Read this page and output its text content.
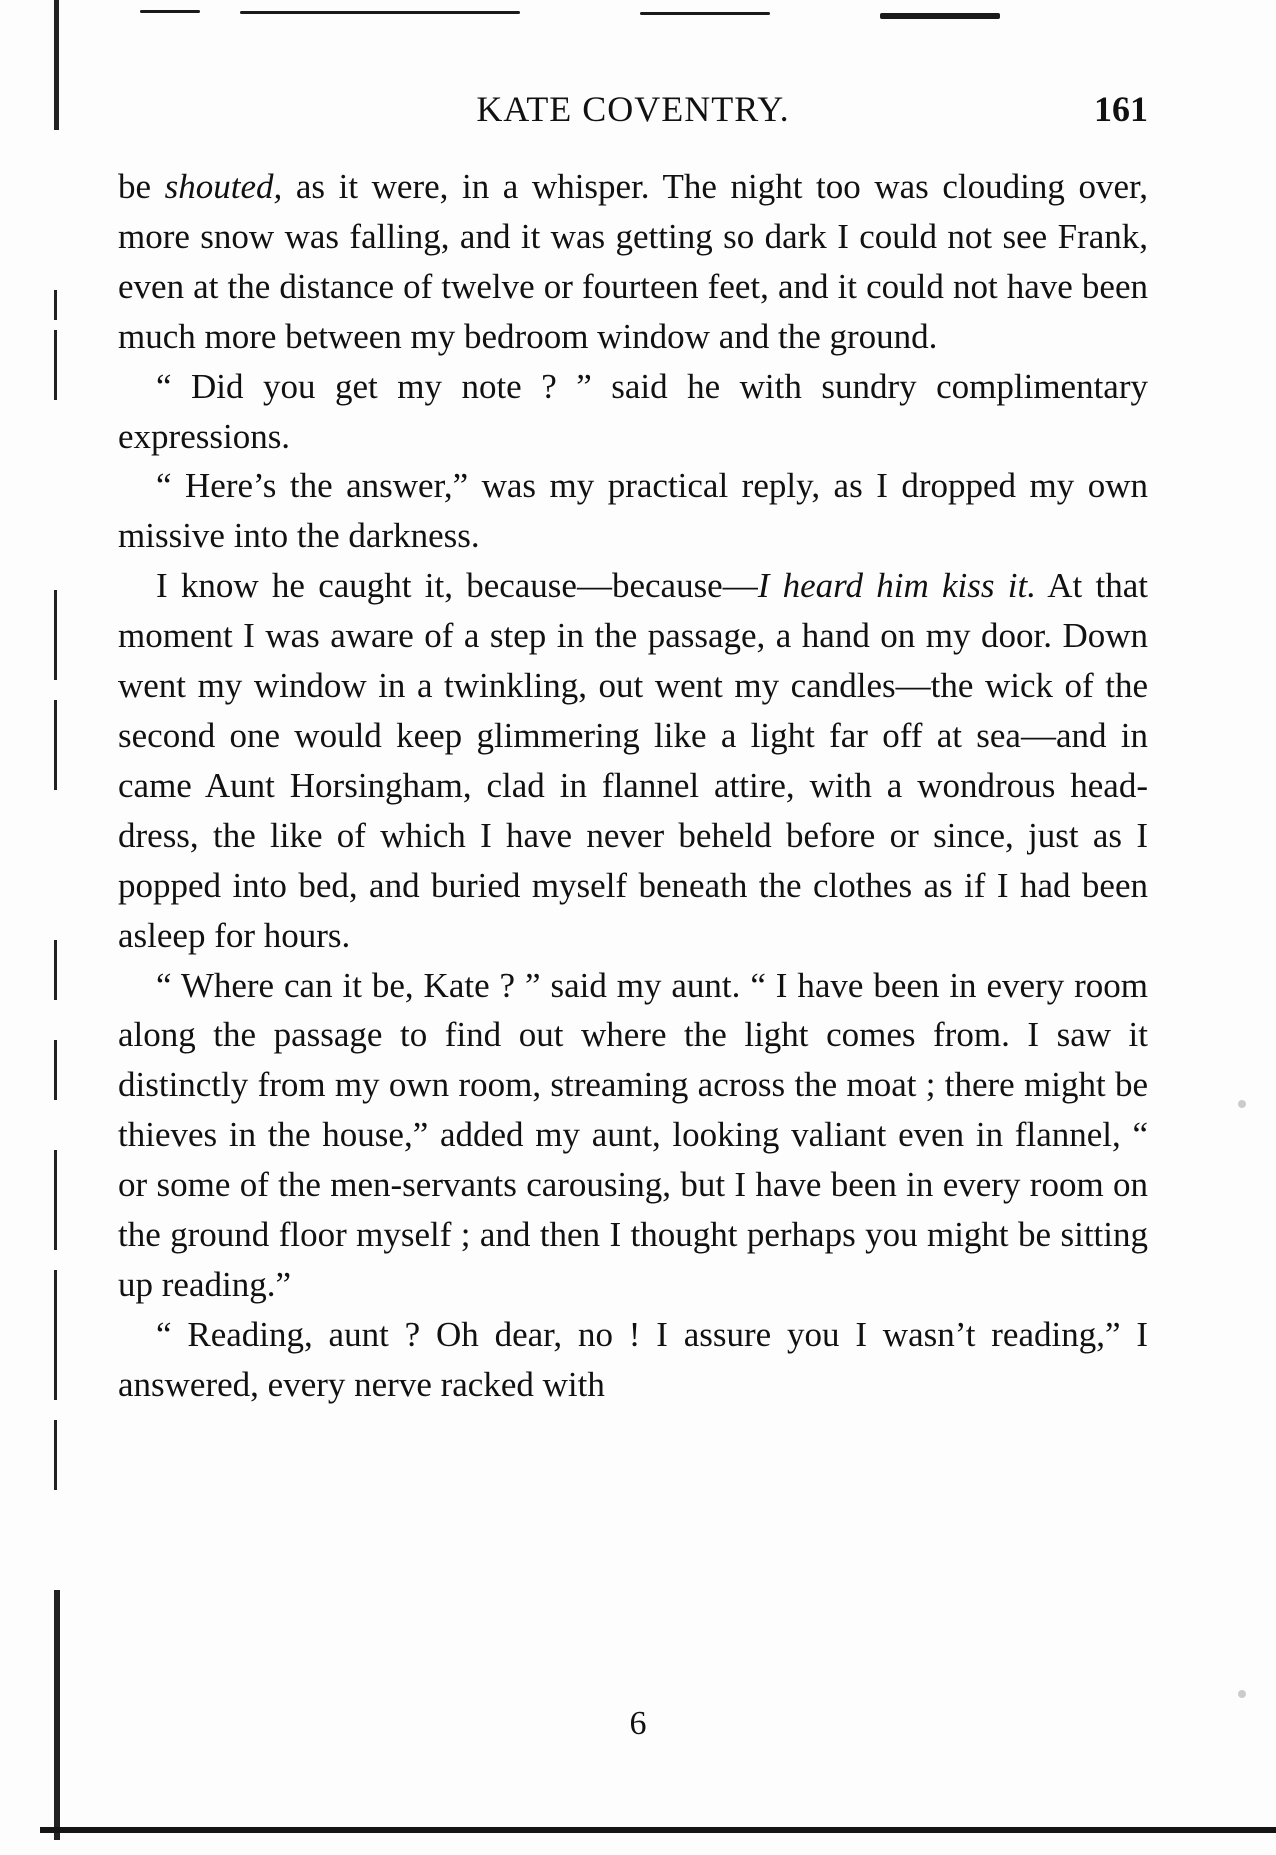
KATE COVENTRY.	161

be shouted, as it were, in a whisper. The night too was clouding over, more snow was falling, and it was getting so dark I could not see Frank, even at the distance of twelve or fourteen feet, and it could not have been much more between my bedroom window and the ground.

“ Did you get my note ? ” said he with sundry complimentary expressions.

“ Here’s the answer,” was my practical reply, as I dropped my own missive into the darkness.

I know he caught it, because—because—I heard him kiss it. At that moment I was aware of a step in the passage, a hand on my door. Down went my window in a twinkling, out went my candles—the wick of the second one would keep glimmering like a light far off at sea—and in came Aunt Horsingham, clad in flannel attire, with a wondrous head-dress, the like of which I have never beheld before or since, just as I popped into bed, and buried myself beneath the clothes as if I had been asleep for hours.

“ Where can it be, Kate ? ” said my aunt. “ I have been in every room along the passage to find out where the light comes from. I saw it distinctly from my own room, streaming across the moat ; there might be thieves in the house,” added my aunt, looking valiant even in flannel, “ or some of the men-servants carousing, but I have been in every room on the ground floor myself ; and then I thought perhaps you might be sitting up reading.”

“ Reading, aunt ? Oh dear, no ! I assure you I wasn’t reading,” I answered, every nerve racked with

6
